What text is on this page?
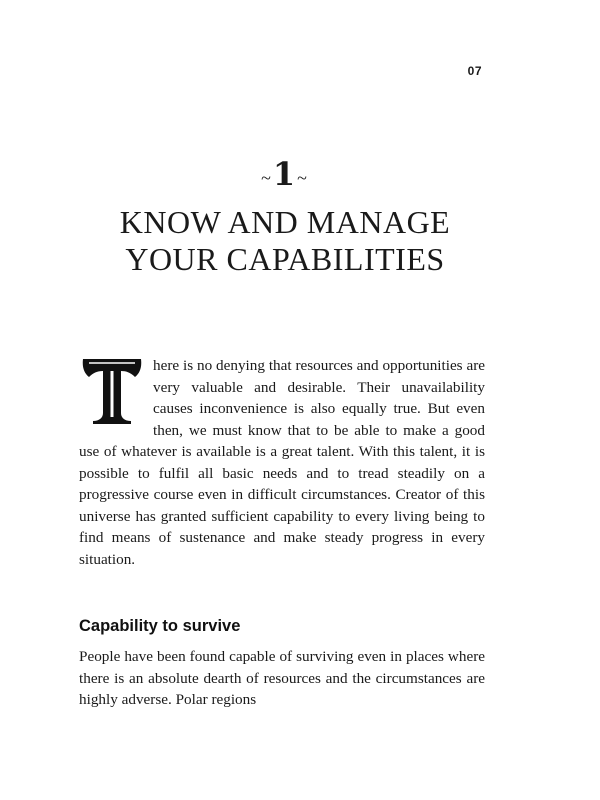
07
~1~
KNOW AND MANAGE
YOUR CAPABILITIES

here is no denying that resources and opportunities are very valuable and desirable. Their unavailability causes inconvenience is also equally true. But even then, we must know that to be able to make a good use of whatever is available is a great talent. With this talent, it is possible to fulfil all basic needs and to tread steadily on a progressive course even in difficult circumstances. Creator of this universe has granted sufficient capability to every living being to find means of sustenance and make steady progress in every situation.

Capability to survive

People have been found capable of surviving even in places where there is an absolute dearth of resources and the circumstances are highly adverse. Polar regions
